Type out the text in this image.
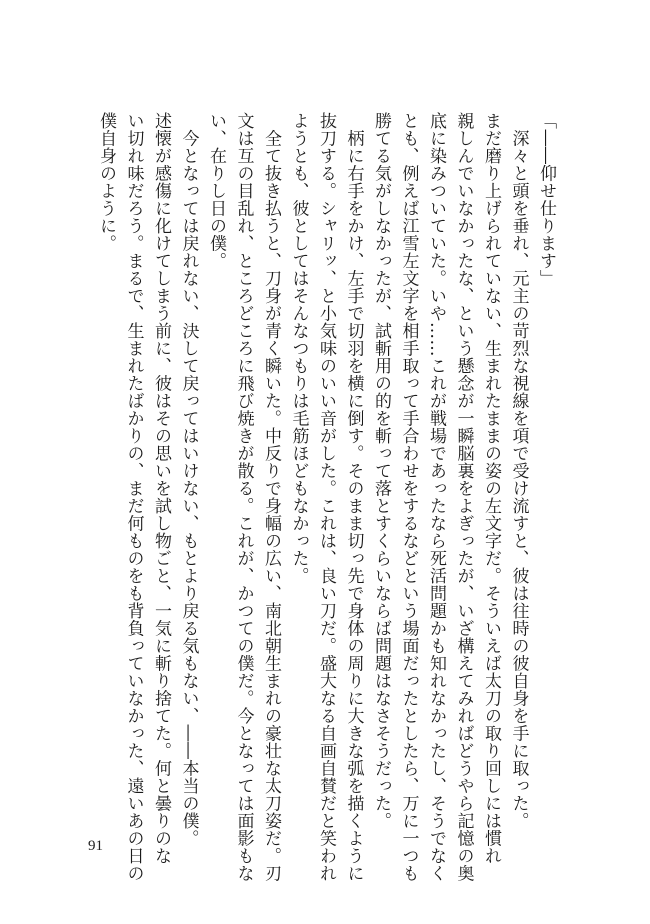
「――仰せ仕ります」

　深々と頭を垂れ、元主の苛烈な視線を項で受け流すと、彼は往時の彼自身を手に取った。

まだ磨り上げられていない、生まれたままの姿の左文字だ。そういえば太刀の取り回しには慣れ

親しんでいなかったな、という懸念が一瞬脳裏をよぎったが、いざ構えてみればどうやら記憶の奥

底に染みついていた。いや……これが戦場であったなら死活問題かも知れなかったし、そうでなく

とも、例えば江雪左文字を相手取って手合わせをするなどという場面だったとしたら、万に一つも

勝てる気がしなかったが、試斬用の的を斬って落とすくらいならば問題はなさそうだった。

　柄に右手をかけ、左手で切羽を横に倒す。そのまま切っ先で身体の周りに大きな弧を描くように

抜刀する。シャリッ、と小気味のいい音がした。これは、良い刀だ。盛大なる自画自賛だと笑われ

ようとも、彼としてはそんなつもりは毛筋ほどもなかった。

　全て抜き払うと、刀身が青く瞬いた。中反りで身幅の広い、南北朝生まれの豪壮な太刀姿だ。刃

文は互の目乱れ、ところどころに飛び焼きが散る。これが、かつての僕だ。今となっては面影もな

い、在りし日の僕。

　今となっては戻れない、決して戻ってはいけない、もとより戻る気もない、――本当の僕。

述懐が感傷に化けてしまう前に、彼はその思いを試し物ごと、一気に斬り捨てた。何と曇りのな

い切れ味だろう。まるで、生まれたばかりの、まだ何ものをも背負っていなかった、遠いあの日の

僕自身のように。

91
